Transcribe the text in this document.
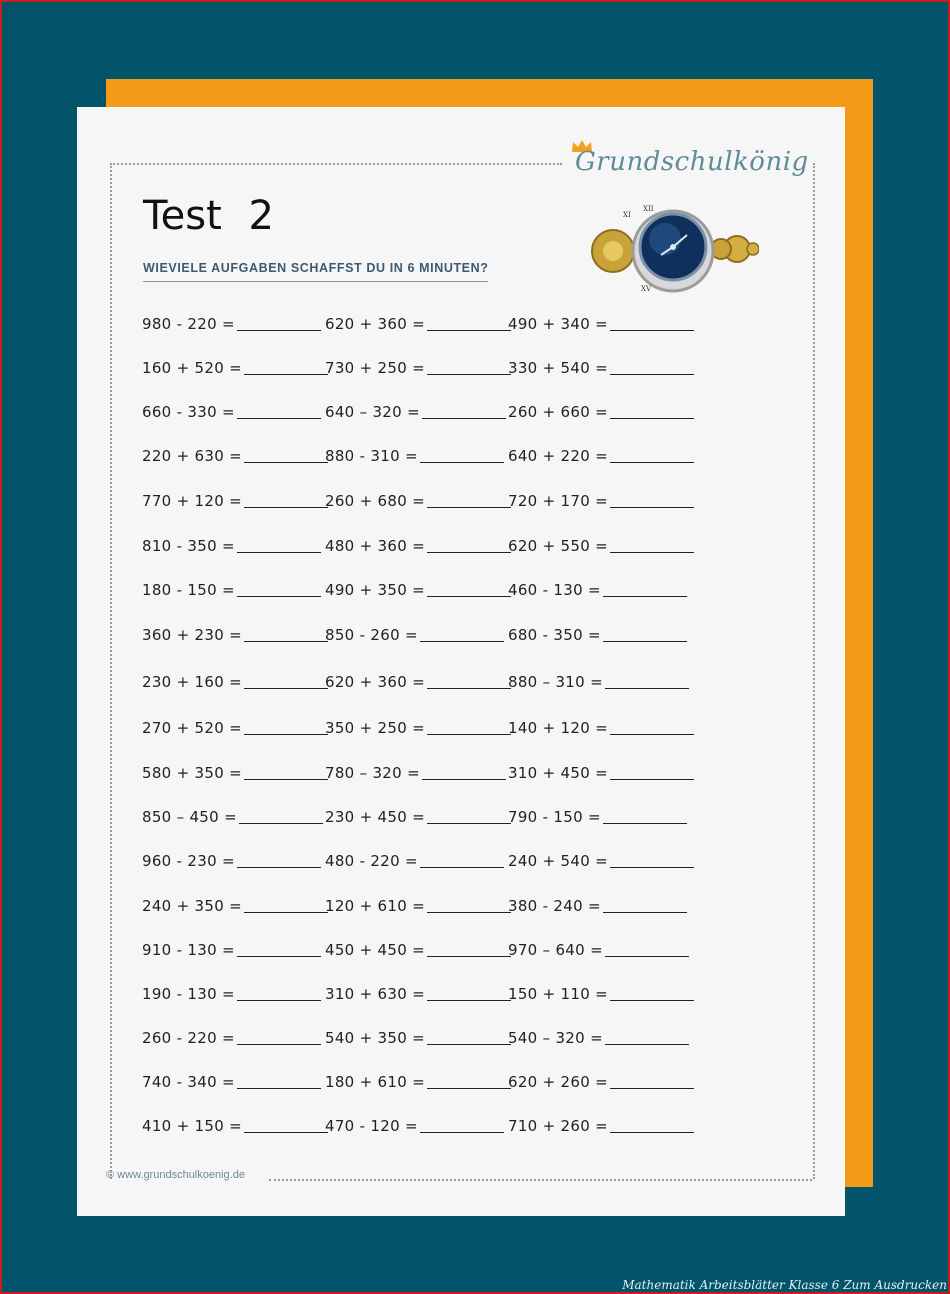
Grundschulkönig
Test 2
WIEVIELE AUFGABEN SCHAFFST DU IN 6 MINUTEN?
XI
XII
XV
980 - 220 =
160 + 520 =
660 - 330 =
220 + 630 =
770 + 120 =
810 - 350 =
180 - 150 =
360 + 230 =
230 + 160 =
270 + 520 =
580 + 350 =
850 – 450 =
960 - 230 =
240 + 350 =
910 - 130 =
190 - 130 =
260 - 220 =
740 - 340 =
410 + 150 =
620 + 360 =
730 + 250 =
640 – 320 =
880 - 310 =
260 + 680 =
480 + 360 =
490 + 350 =
850 - 260 =
620 + 360 =
350 + 250 =
780 – 320 =
230 + 450 =
480 - 220 =
120 + 610 =
450 + 450 =
310 + 630 =
540 + 350 =
180 + 610 =
470 - 120 =
490 + 340 =
330 + 540 =
260 + 660 =
640 + 220 =
720 + 170 =
620 + 550 =
460 - 130 =
680 - 350 =
880 – 310 =
140 + 120 =
310 + 450 =
790 - 150 =
240 + 540 =
380 - 240 =
970 – 640 =
150 + 110 =
540 – 320 =
620 + 260 =
710 + 260 =
© www.grundschulkoenig.de
Mathematik Arbeitsblätter Klasse 6 Zum Ausdrucken
